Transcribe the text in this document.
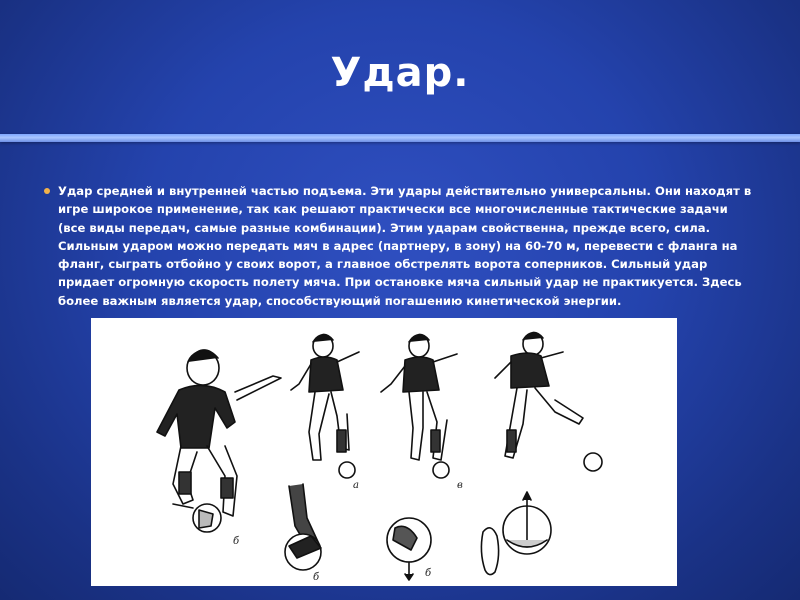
Удар.
Удар средней и внутренней частью подъема. Эти удары действительно универсальны. Они находят в игре широкое применение, так как решают практически все многочисленные тактические задачи (все виды передач, самые разные комбинации). Этим ударам свойственна, прежде всего, сила. Сильным ударом можно передать мяч в адрес (партнеру, в зону) на 60-70 м, перевести с фланга на фланг, сыграть отбойно у своих ворот, а главное обстрелять ворота соперников. Сильный удар придает огромную скорость полету мяча. При остановке мяча сильный удар не практикуется. Здесь более важным является удар, способствующий погашению кинетической энергии.
а	в
б
б	б
